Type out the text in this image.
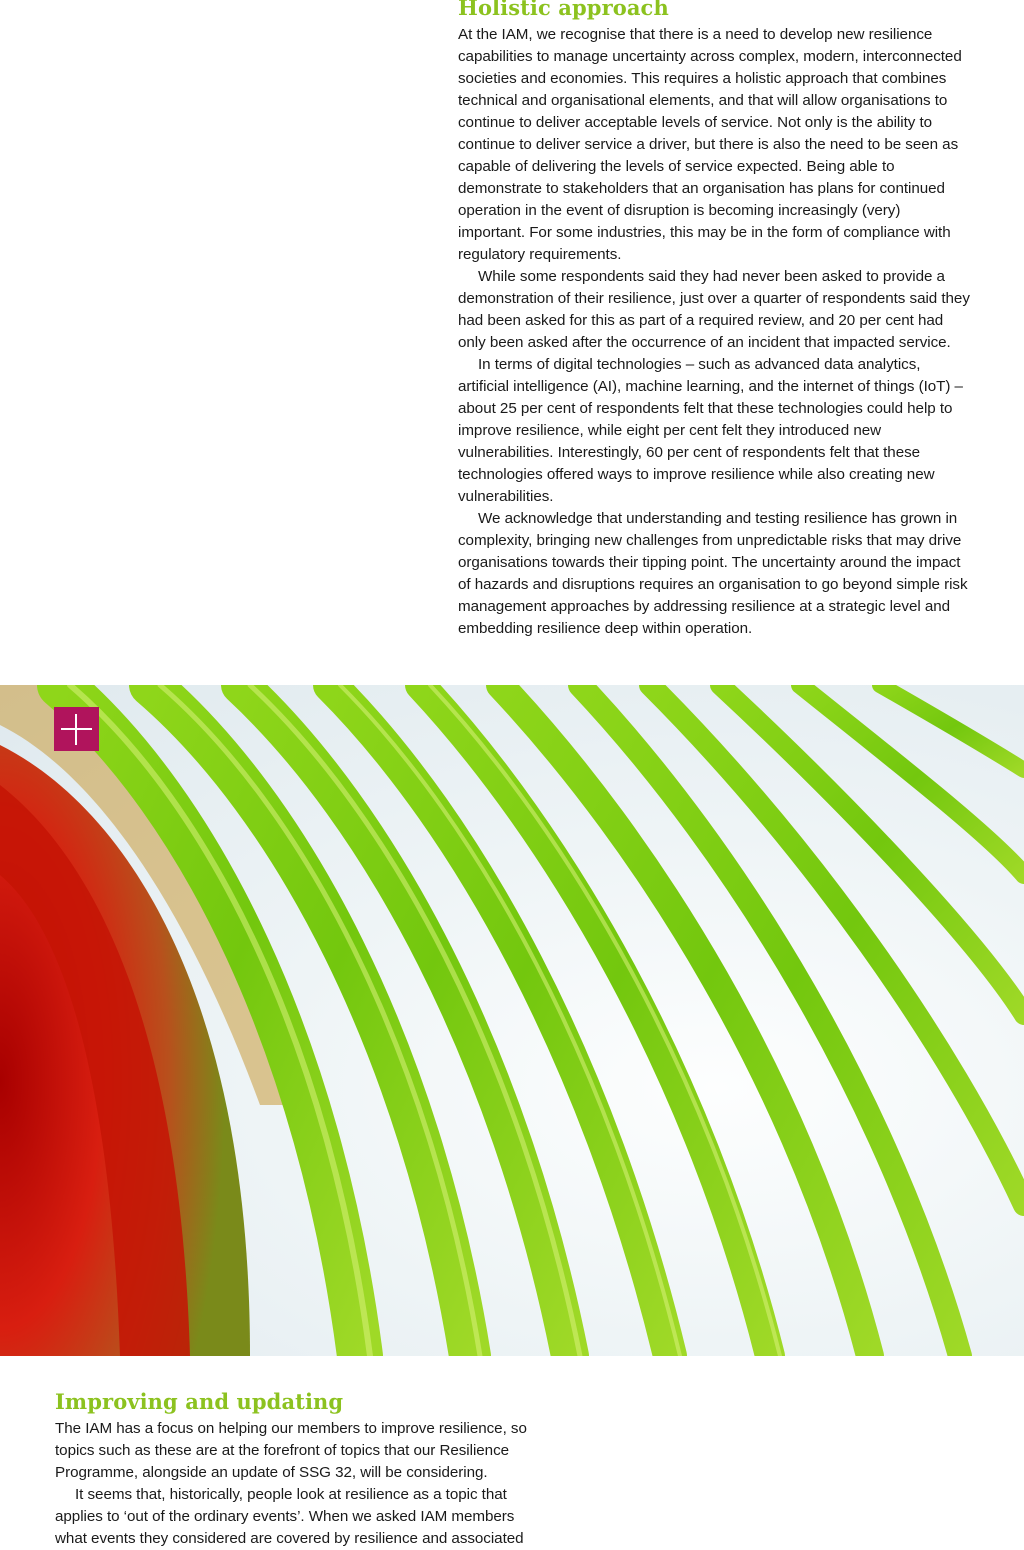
Holistic approach

At the IAM, we recognise that there is a need to develop new resilience capabilities to manage uncertainty across complex, modern, interconnected societies and economies. This requires a holistic approach that combines technical and organisational elements, and that will allow organisations to continue to deliver acceptable levels of service. Not only is the ability to continue to deliver service a driver, but there is also the need to be seen as capable of delivering the levels of service expected. Being able to demonstrate to stakeholders that an organisation has plans for continued operation in the event of disruption is becoming increasingly (very) important. For some industries, this may be in the form of compliance with regulatory requirements.

While some respondents said they had never been asked to provide a demonstration of their resilience, just over a quarter of respondents said they had been asked for this as part of a required review, and 20 per cent had only been asked after the occurrence of an incident that impacted service.

In terms of digital technologies – such as advanced data analytics, artificial intelligence (AI), machine learning, and the internet of things (IoT) – about 25 per cent of respondents felt that these technologies could help to improve resilience, while eight per cent felt they introduced new vulnerabilities. Interestingly, 60 per cent of respondents felt that these technologies offered ways to improve resilience while also creating new vulnerabilities.

We acknowledge that understanding and testing resilience has grown in complexity, bringing new challenges from unpredictable risks that may drive organisations towards their tipping point. The uncertainty around the impact of hazards and disruptions requires an organisation to go beyond simple risk management approaches by addressing resilience at a strategic level and embedding resilience deep within operation.

Improving and updating

The IAM has a focus on helping our members to improve resilience, so topics such as these are at the forefront of topics that our Resilience Programme, alongside an update of SSG 32, will be considering.

It seems that, historically, people look at resilience as a topic that applies to ‘out of the ordinary events’. When we asked IAM members what events they considered are covered by resilience and associated
